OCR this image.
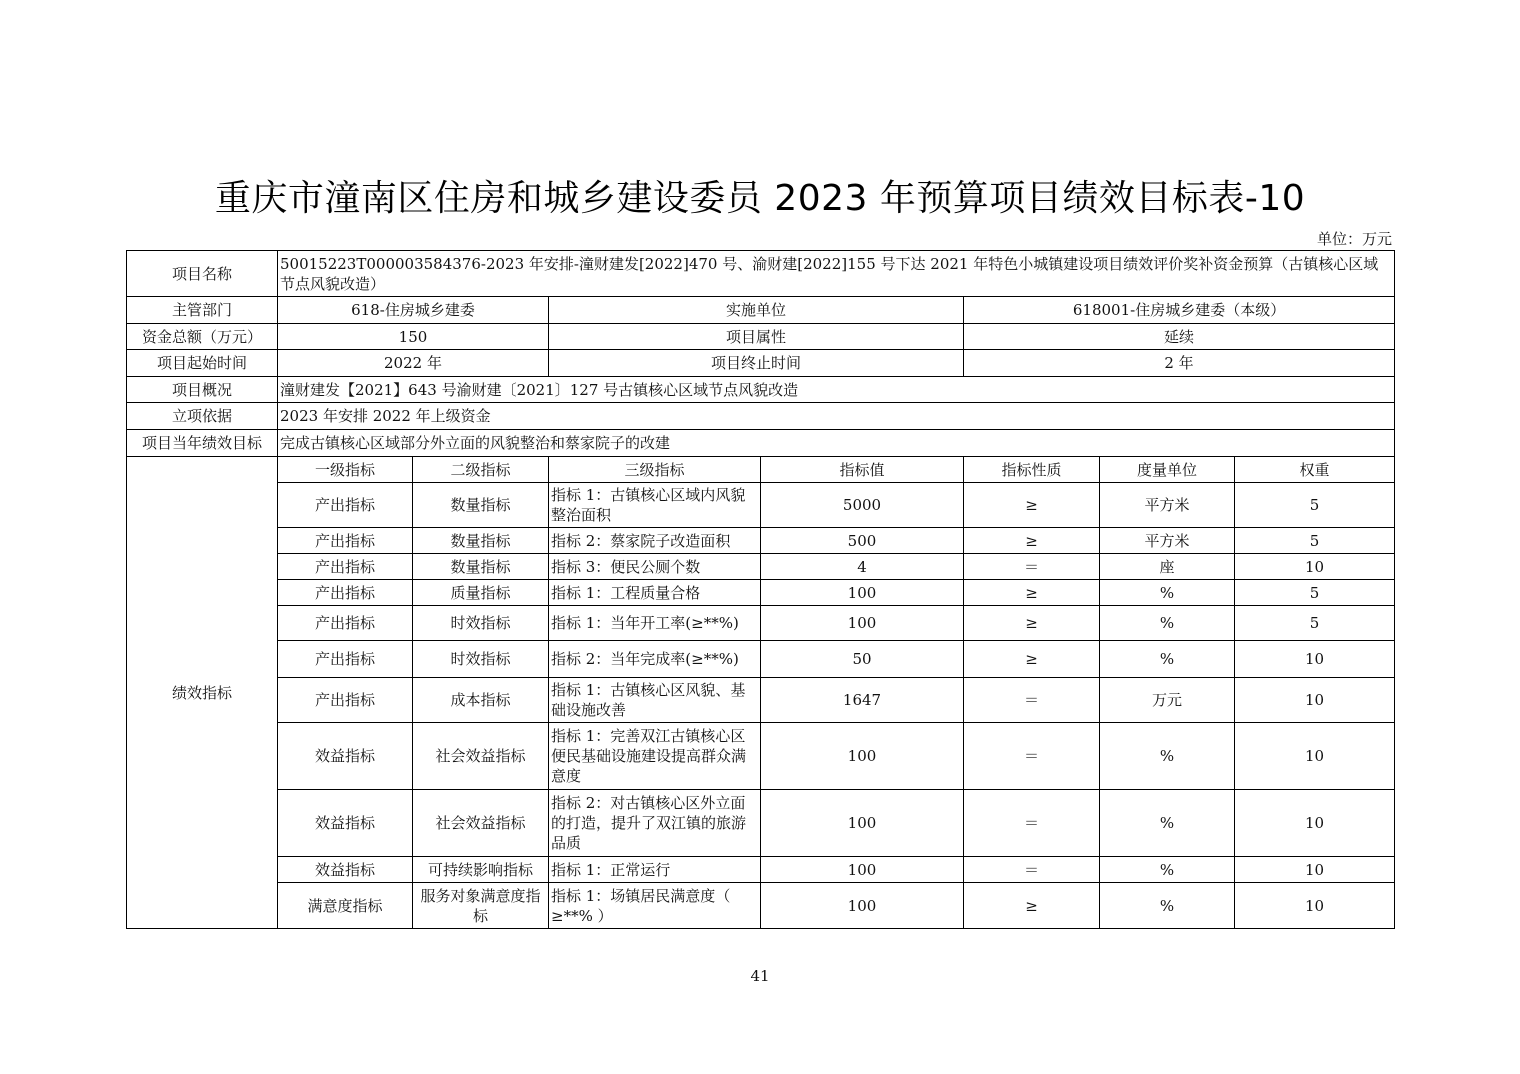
重庆市潼南区住房和城乡建设委员 2023 年预算项目绩效目标表-10
单位：万元
项目名称	50015223T000003584376-2023 年安排-潼财建发[2022]470 号、渝财建[2022]155 号下达 2021 年特色小城镇建设项目绩效评价奖补资金预算（古镇核心区域节点风貌改造）						
主管部门	618-住房城乡建委		实施单位		618001-住房城乡建委（本级）		
资金总额（万元）	150		项目属性		延续		
项目起始时间	2022 年		项目终止时间		2 年		
项目概况	潼财建发【2021】643 号渝财建〔2021〕127 号古镇核心区域节点风貌改造						
立项依据	2023 年安排 2022 年上级资金						
项目当年绩效目标	完成古镇核心区域部分外立面的风貌整治和蔡家院子的改建						
绩效指标	一级指标	二级指标	三级指标	指标值	指标性质	度量单位	权重
	产出指标	数量指标	指标 1：古镇核心区域内风貌整治面积	5000	≥	平方米	5
	产出指标	数量指标	指标 2：蔡家院子改造面积	500	≥	平方米	5
	产出指标	数量指标	指标 3：便民公厕个数	4	＝	座	10
	产出指标	质量指标	指标 1：工程质量合格	100	≥	%	5
	产出指标	时效指标	指标 1：当年开工率(≥**%)	100	≥	%	5
	产出指标	时效指标	指标 2：当年完成率(≥**%)	50	≥	%	10
	产出指标	成本指标	指标 1：古镇核心区风貌、基础设施改善	1647	＝	万元	10
	效益指标	社会效益指标	指标 1：完善双江古镇核心区便民基础设施建设提高群众满意度	100	＝	%	10
	效益指标	社会效益指标	指标 2：对古镇核心区外立面的打造，提升了双江镇的旅游品质	100	＝	%	10
	效益指标	可持续影响指标	指标 1：正常运行	100	＝	%	10
	满意度指标	服务对象满意度指标	指标 1：场镇居民满意度（ ≥**% ）	100	≥	%	10
41
